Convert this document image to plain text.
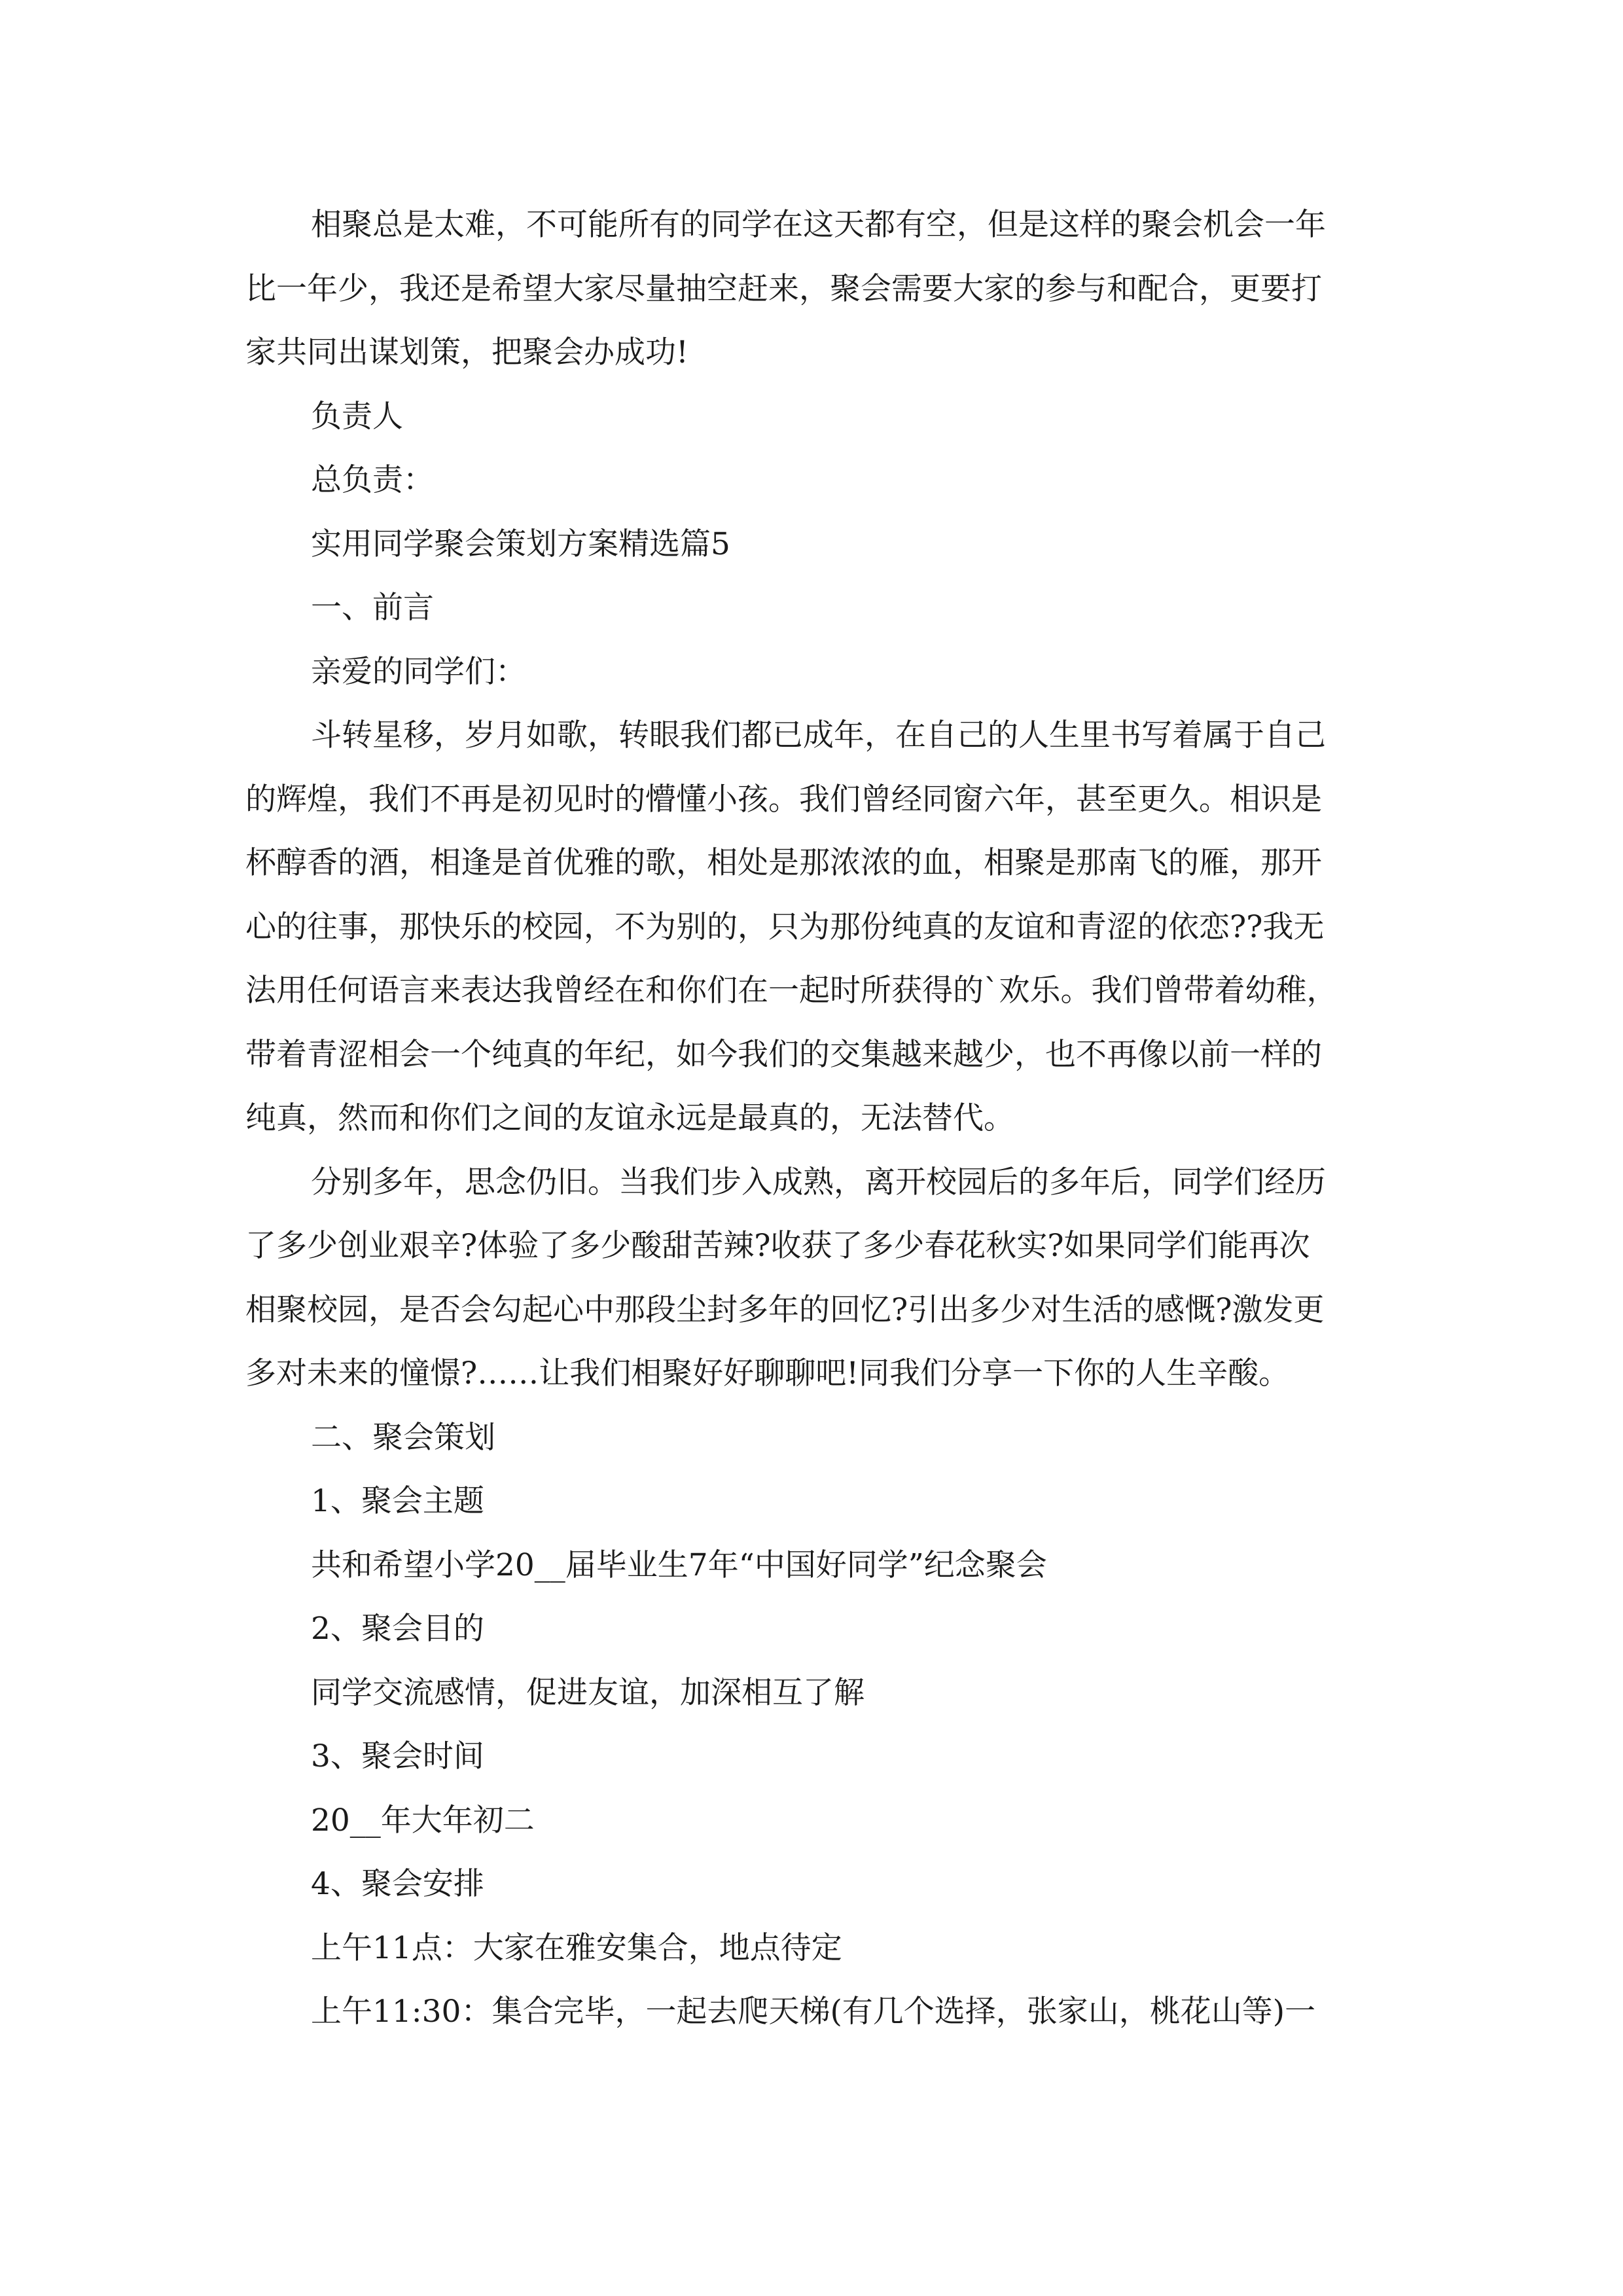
相聚总是太难，不可能所有的同学在这天都有空，但是这样的聚会机会一年
比一年少，我还是希望大家尽量抽空赶来，聚会需要大家的参与和配合，更要打
家共同出谋划策，把聚会办成功!
负责人
总负责：
实用同学聚会策划方案精选篇5
一、前言
亲爱的同学们：
斗转星移，岁月如歌，转眼我们都已成年，在自己的人生里书写着属于自己
的辉煌，我们不再是初见时的懵懂小孩。我们曾经同窗六年，甚至更久。相识是
杯醇香的酒，相逢是首优雅的歌，相处是那浓浓的血，相聚是那南飞的雁，那开
心的往事，那快乐的校园，不为别的，只为那份纯真的友谊和青涩的依恋??我无
法用任何语言来表达我曾经在和你们在一起时所获得的`欢乐。我们曾带着幼稚，
带着青涩相会一个纯真的年纪，如今我们的交集越来越少，也不再像以前一样的
纯真，然而和你们之间的友谊永远是最真的，无法替代。
分别多年，思念仍旧。当我们步入成熟，离开校园后的多年后，同学们经历
了多少创业艰辛?体验了多少酸甜苦辣?收获了多少春花秋实?如果同学们能再次
相聚校园，是否会勾起心中那段尘封多年的回忆?引出多少对生活的感慨?激发更
多对未来的憧憬?……让我们相聚好好聊聊吧!同我们分享一下你的人生辛酸。
二、聚会策划
1、聚会主题
共和希望小学20__届毕业生7年“中国好同学”纪念聚会
2、聚会目的
同学交流感情，促进友谊，加深相互了解
3、聚会时间
20__年大年初二
4、聚会安排
上午11点：大家在雅安集合，地点待定
上午11:30：集合完毕，一起去爬天梯(有几个选择，张家山，桃花山等)一
